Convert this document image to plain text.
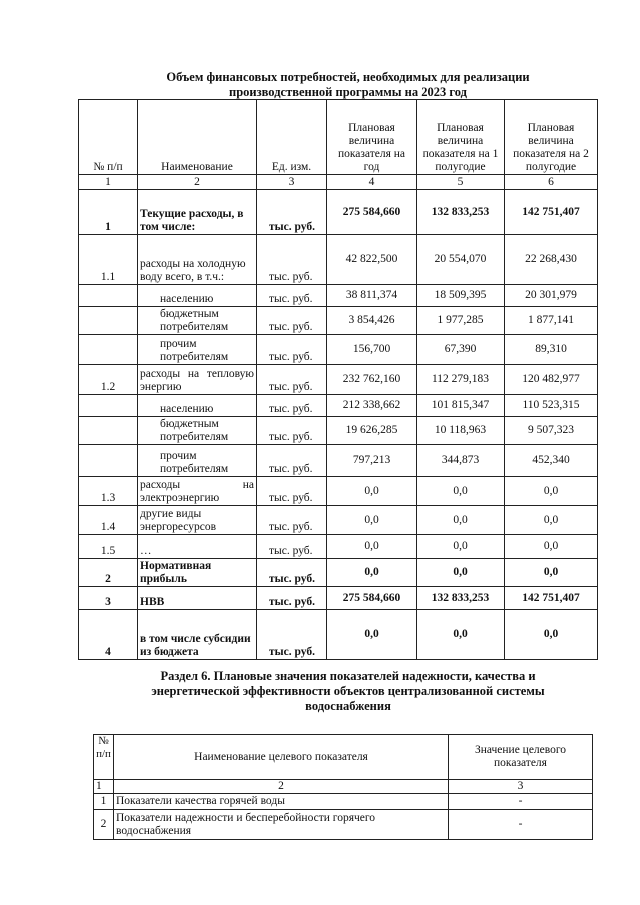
Объем финансовых потребностей, необходимых для реализации
производственной программы на 2023 год
№ п/п	Наименование	Ед. изм.	Плановая величина показателя на год	Плановая величина показателя на 1 полугодие	Плановая величина показателя на 2 полугодие
1	2	3	4	5	6
1	Текущие расходы, в том числе:	тыс. руб.	275 584,660	132 833,253	142 751,407
1.1	расходы на холодную воду всего, в т.ч.:	тыс. руб.	42 822,500	20 554,070	22 268,430
	населению	тыс. руб.	38 811,374	18 509,395	20 301,979
	бюджетным потребителям	тыс. руб.	3 854,426	1 977,285	1 877,141
	прочим потребителям	тыс. руб.	156,700	67,390	89,310
1.2	расходы на тепловую энергию	тыс. руб.	232 762,160	112 279,183	120 482,977
	населению	тыс. руб.	212 338,662	101 815,347	110 523,315
	бюджетным потребителям	тыс. руб.	19 626,285	10 118,963	9 507,323
	прочим потребителям	тыс. руб.	797,213	344,873	452,340
1.3	расходы на электроэнергию	тыс. руб.	0,0	0,0	0,0
1.4	другие виды энергоресурсов	тыс. руб.	0,0	0,0	0,0
1.5	…	тыс. руб.	0,0	0,0	0,0
2	Нормативная прибыль	тыс. руб.	0,0	0,0	0,0
3	НВВ	тыс. руб.	275 584,660	132 833,253	142 751,407
4	в том числе субсидии из бюджета	тыс. руб.	0,0	0,0	0,0
Раздел 6. Плановые значения показателей надежности, качества и энергетической эффективности объектов централизованной системы водоснабжения
№ п/п	Наименование целевого показателя	Значение целевого показателя
1	2	3
1	Показатели качества горячей воды	-
2	Показатели надежности и бесперебойности горячего водоснабжения	-
